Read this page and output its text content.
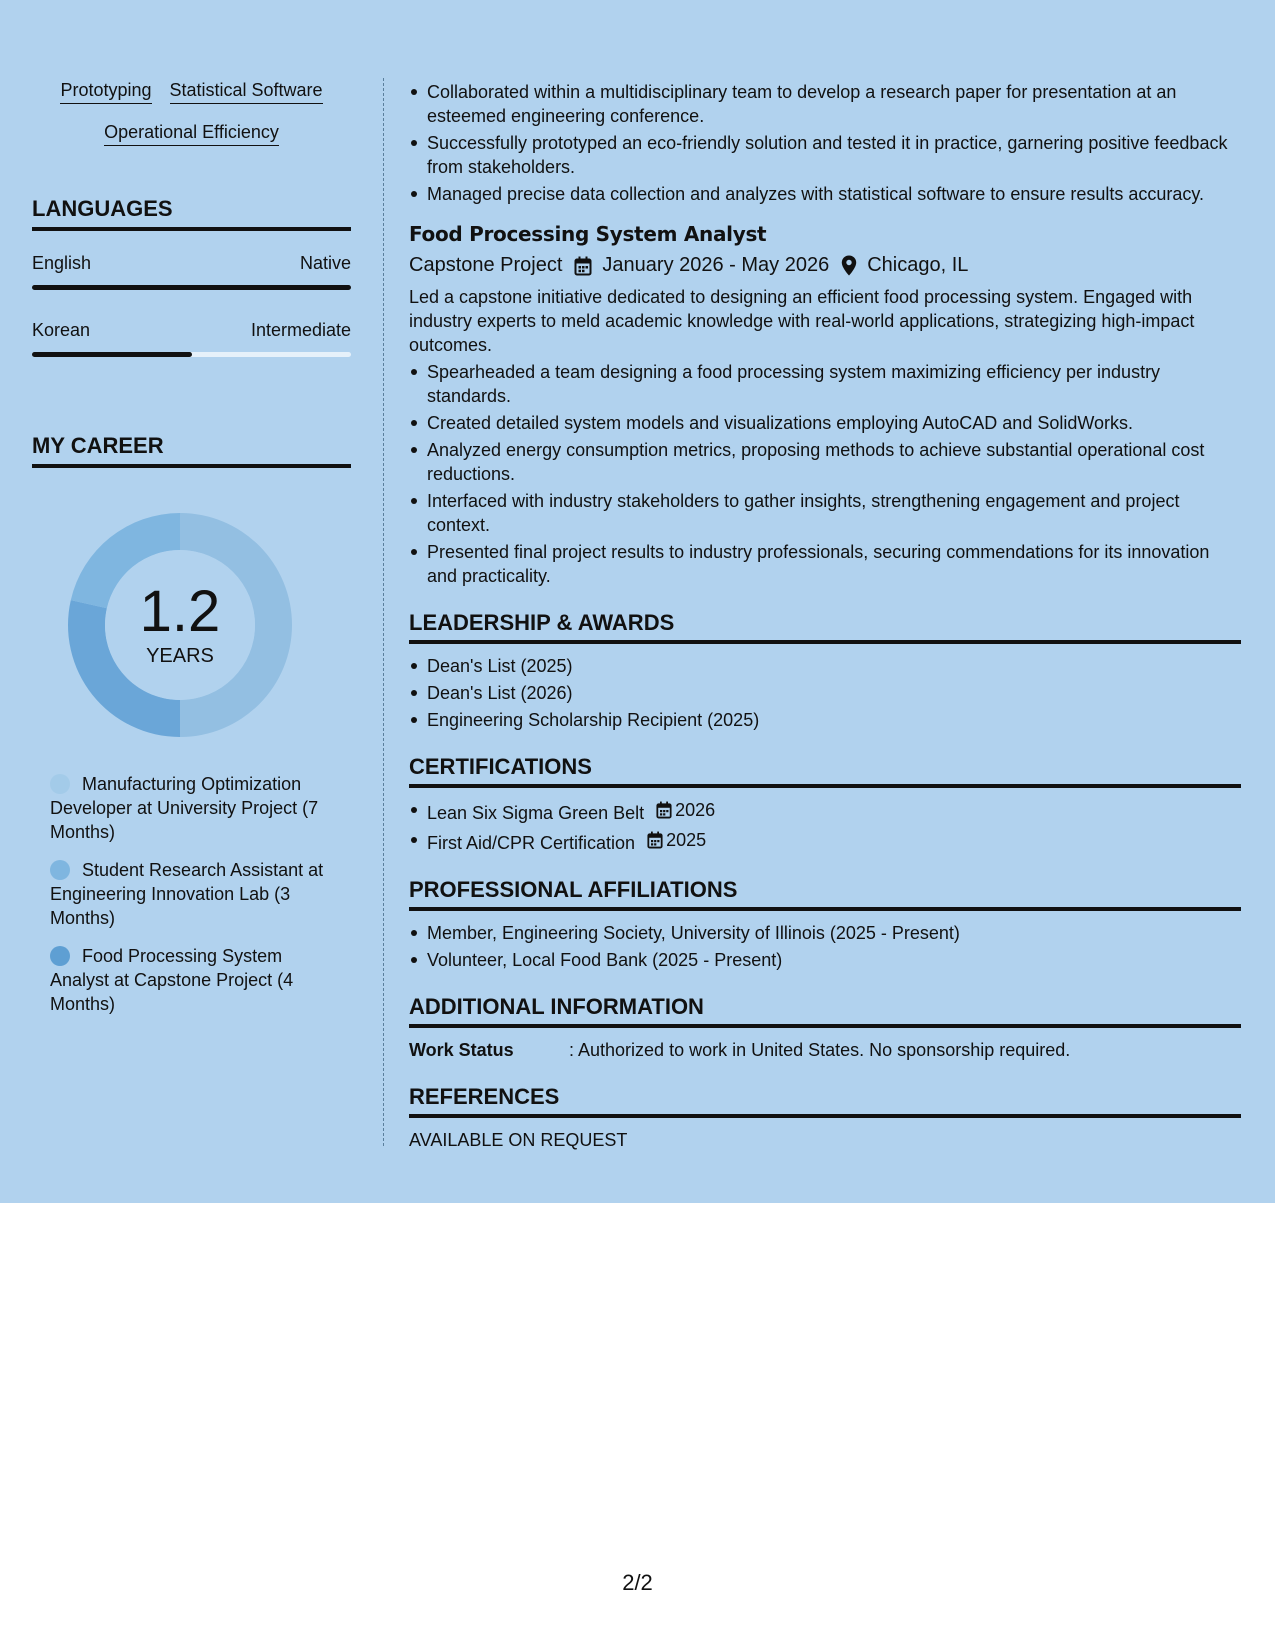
Prototyping Statistical Software
Operational Efficiency
LANGUAGES
English	Native
Korean	Intermediate
MY CAREER
1.2
YEARS
Manufacturing Optimization Developer at University Project (7 Months)
Student Research Assistant at Engineering Innovation Lab (3 Months)
Food Processing System Analyst at Capstone Project (4 Months)
Collaborated within a multidisciplinary team to develop a research paper for presentation at an esteemed engineering conference.
Successfully prototyped an eco-friendly solution and tested it in practice, garnering positive feedback from stakeholders.
Managed precise data collection and analyzes with statistical software to ensure results accuracy.
Food Processing System Analyst
Capstone Project January 2026 - May 2026 Chicago, IL
Led a capstone initiative dedicated to designing an efficient food processing system. Engaged with industry experts to meld academic knowledge with real-world applications, strategizing high-impact outcomes.
Spearheaded a team designing a food processing system maximizing efficiency per industry standards.
Created detailed system models and visualizations employing AutoCAD and SolidWorks.
Analyzed energy consumption metrics, proposing methods to achieve substantial operational cost reductions.
Interfaced with industry stakeholders to gather insights, strengthening engagement and project context.
Presented final project results to industry professionals, securing commendations for its innovation and practicality.
LEADERSHIP & AWARDS
Dean's List (2025)
Dean's List (2026)
Engineering Scholarship Recipient (2025)
CERTIFICATIONS
Lean Six Sigma Green Belt 2026
First Aid/CPR Certification 2025
PROFESSIONAL AFFILIATIONS
Member, Engineering Society, University of Illinois (2025 - Present)
Volunteer, Local Food Bank (2025 - Present)
ADDITIONAL INFORMATION
Work Status	: Authorized to work in United States. No sponsorship required.
REFERENCES
AVAILABLE ON REQUEST
2/2
